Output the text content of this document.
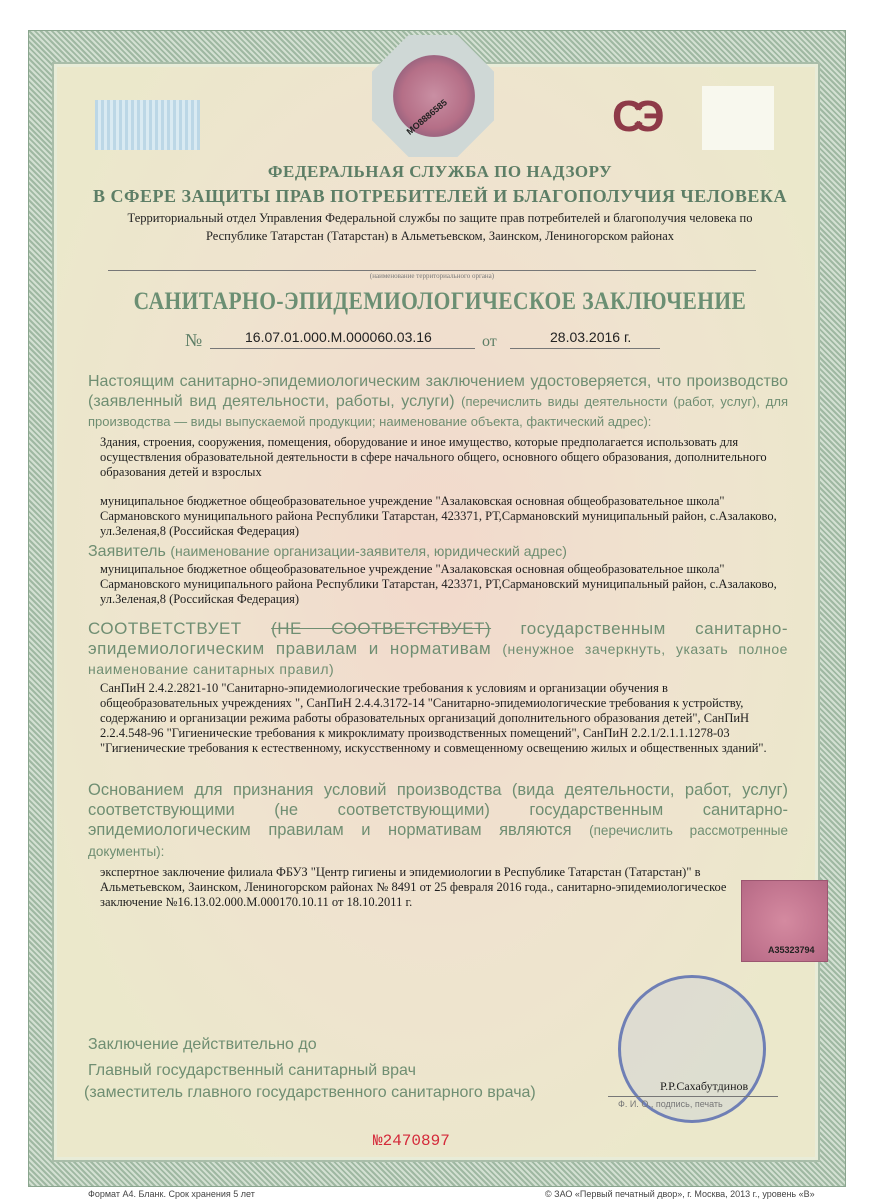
МО8886585	СЭ
ФЕДЕРАЛЬНАЯ СЛУЖБА ПО НАДЗОРУ
В СФЕРЕ ЗАЩИТЫ ПРАВ ПОТРЕБИТЕЛЕЙ И БЛАГОПОЛУЧИЯ ЧЕЛОВЕКА
Территориальный отдел Управления Федеральной службы по защите прав потребителей и благополучия человека по
Республике Татарстан (Татарстан) в Альметьевском, Заинском, Лениногорском районах
(наименование территориального органа)
САНИТАРНО-ЭПИДЕМИОЛОГИЧЕСКОЕ ЗАКЛЮЧЕНИЕ
№	16.07.01.000.М.000060.03.16	от	28.03.2016 г.
Настоящим санитарно-эпидемиологическим заключением удостоверяется, что производство (заявленный вид деятельности, работы, услуги) (перечислить виды деятельности (работ, услуг), для производства — виды выпускаемой продукции; наименование объекта, фактический адрес):
Здания, строения, сооружения, помещения, оборудование и иное имущество, которые предполагается использовать для осуществления образовательной деятельности в сфере начального общего, основного общего образования, дополнительного образования детей и взрослых
муниципальное бюджетное общеобразовательное учреждение "Азалаковская основная общеобразовательное школа" Сармановского муниципального района Республики Татарстан, 423371, РТ,Сармановский муниципальный район, с.Азалаково, ул.Зеленая,8 (Российская Федерация)
Заявитель (наименование организации-заявителя, юридический адрес)
муниципальное бюджетное общеобразовательное учреждение "Азалаковская основная общеобразовательное школа" Сармановского муниципального района Республики Татарстан, 423371, РТ,Сармановский муниципальный район, с.Азалаково, ул.Зеленая,8 (Российская Федерация)
СООТВЕТСТВУЕТ (НЕ СООТВЕТСТВУЕТ) государственным санитарно-эпидемиологическим правилам и нормативам (ненужное зачеркнуть, указать полное наименование санитарных правил)
СанПиН 2.4.2.2821-10 "Санитарно-эпидемиологические требования к условиям и организации обучения в общеобразовательных учреждениях ", СанПиН 2.4.4.3172-14 "Санитарно-эпидемиологические требования к устройству, содержанию и организации режима работы образовательных организаций дополнительного образования детей", СанПиН 2.2.4.548-96 "Гигиенические требования к микроклимату производственных помещений", СанПиН 2.2.1/2.1.1.1278-03 "Гигиенические требования к естественному, искусственному и совмещенному освещению жилых и общественных зданий".
Основанием для признания условий производства (вида деятельности, работ, услуг) соответствующими (не соответствующими) государственным санитарно-эпидемиологическим правилам и нормативам являются (перечислить рассмотренные документы):
экспертное заключение филиала ФБУЗ "Центр гигиены и эпидемиологии в Республике Татарстан (Татарстан)" в Альметьевском, Заинском, Лениногорском районах № 8491 от 25 февраля 2016 года., санитарно-эпидемиологическое заключение №16.13.02.000.М.000170.10.11 от 18.10.2011 г.
А35323794
Заключение действительно до
Главный государственный санитарный врач
(заместитель главного государственного санитарного врача)	Р.Р.Сахабутдинов
Ф. И. О., подпись, печать
№2470897
Формат А4. Бланк. Срок хранения 5 лет	© ЗАО «Первый печатный двор», г. Москва, 2013 г., уровень «В»
